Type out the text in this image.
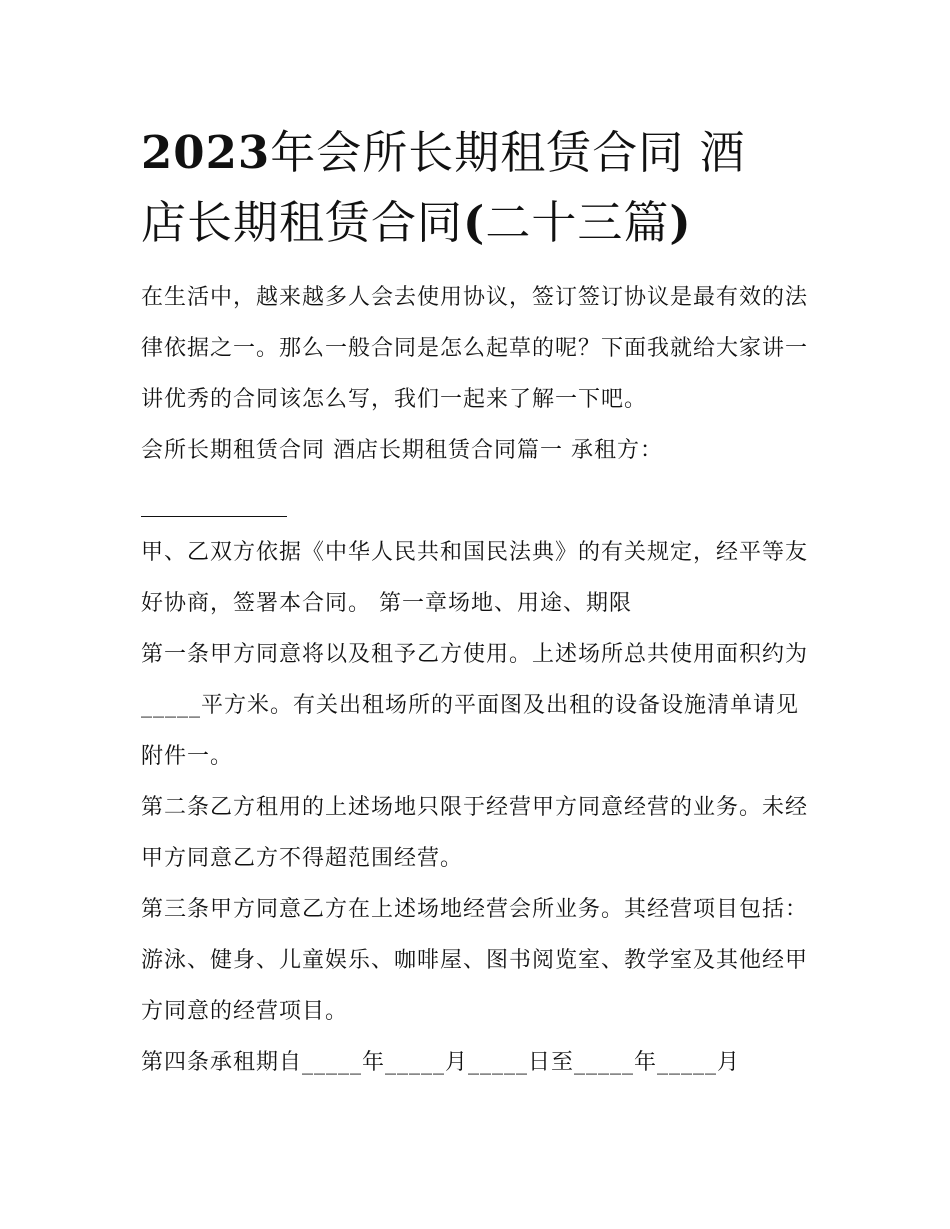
2023年会所长期租赁合同 酒
店长期租赁合同(二十三篇)

在生活中，越来越多人会去使用协议，签订签订协议是最有效的法律依据之一。那么一般合同是怎么起草的呢？下面我就给大家讲一讲优秀的合同该怎么写，我们一起来了解一下吧。

会所长期租赁合同 酒店长期租赁合同篇一 承租方：

甲、乙双方依据《中华人民共和国民法典》的有关规定，经平等友好协商，签署本合同。 第一章场地、用途、期限

第一条甲方同意将以及租予乙方使用。上述场所总共使用面积约为_____平方米。有关出租场所的平面图及出租的设备设施清单请见附件一。

第二条乙方租用的上述场地只限于经营甲方同意经营的业务。未经甲方同意乙方不得超范围经营。

第三条甲方同意乙方在上述场地经营会所业务。其经营项目包括：游泳、健身、儿童娱乐、咖啡屋、图书阅览室、教学室及其他经甲方同意的经营项目。

第四条承租期自_____年_____月_____日至_____年_____月
